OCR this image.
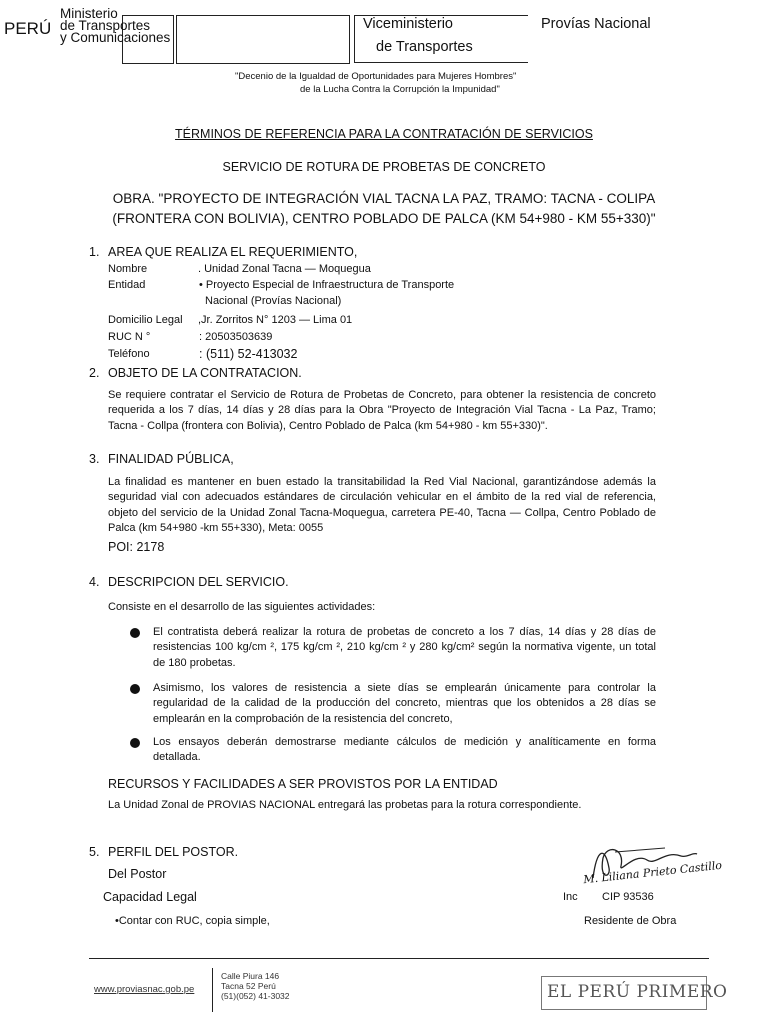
PERÚ
Ministerio
de Transportes
y Comunicaciones
Viceministerio
de Transportes
Provías Nacional
"Decenio de la Igualdad de Oportunidades para Mujeres Hombres"
de la Lucha Contra la Corrupción la Impunidad"
TÉRMINOS DE REFERENCIA PARA LA CONTRATACIÓN DE SERVICIOS
SERVICIO DE ROTURA DE PROBETAS DE CONCRETO
OBRA. "PROYECTO DE INTEGRACIÓN VIAL TACNA LA PAZ, TRAMO: TACNA - COLIPA
(FRONTERA CON BOLIVIA), CENTRO POBLADO DE PALCA (KM 54+980 - KM 55+330)"
1. AREA QUE REALIZA EL REQUERIMIENTO,
Nombre	. Unidad Zonal Tacna — Moquegua
Entidad	• Proyecto Especial de Infraestructura de Transporte
Nacional (Provías Nacional)
Domicilio Legal ,Jr. Zorritos N° 1203 — Lima 01
RUC N °	: 20503503639
Teléfono	: (511) 52-413032
2. OBJETO DE LA CONTRATACION.
Se requiere contratar el Servicio de Rotura de Probetas de Concreto, para obtener la resistencia de concreto requerida a los 7 días, 14 días y 28 días para la Obra "Proyecto de Integración Vial Tacna - La Paz, Tramo; Tacna - Collpa (frontera con Bolivia), Centro Poblado de Palca (km 54+980 - km 55+330)".
3. FINALIDAD PÚBLICA,
La finalidad es mantener en buen estado la transitabilidad la Red Vial Nacional, garantizándose además la seguridad vial con adecuados estándares de circulación vehicular en el ámbito de la red vial de referencia, objeto del servicio de la Unidad Zonal Tacna-Moquegua, carretera PE-40, Tacna — Collpa, Centro Poblado de Palca (km 54+980 -km 55+330), Meta: 0055
POI: 2178
4. DESCRIPCION DEL SERVICIO.
Consiste en el desarrollo de las siguientes actividades:
El contratista deberá realizar la rotura de probetas de concreto a los 7 días, 14 días y 28 días de resistencias 100 kg/cm ², 175 kg/cm ², 210 kg/cm ² y 280 kg/cm² según la normativa vigente, un total de 180 probetas.
Asimismo, los valores de resistencia a siete días se emplearán únicamente para controlar la regularidad de la calidad de la producción del concreto, mientras que los obtenidos a 28 días se emplearán en la comprobación de la resistencia del concreto,
Los ensayos deberán demostrarse mediante cálculos de medición y analíticamente en forma detallada.
RECURSOS Y FACILIDADES A SER PROVISTOS POR LA ENTIDAD
La Unidad Zonal de PROVIAS NACIONAL entregará las probetas para la rotura correspondiente.
5. PERFIL DEL POSTOR.
Del Postor
Capacidad Legal
•Contar con RUC, copia simple,
M. Liliana Prieto Castillo
Inc CIP 93536
Residente de Obra
www.proviasnac.gob.pe
Calle Piura 146
Tacna 52 Perú
(51)(052) 41-3032	EL PERÚ PRIMERO
